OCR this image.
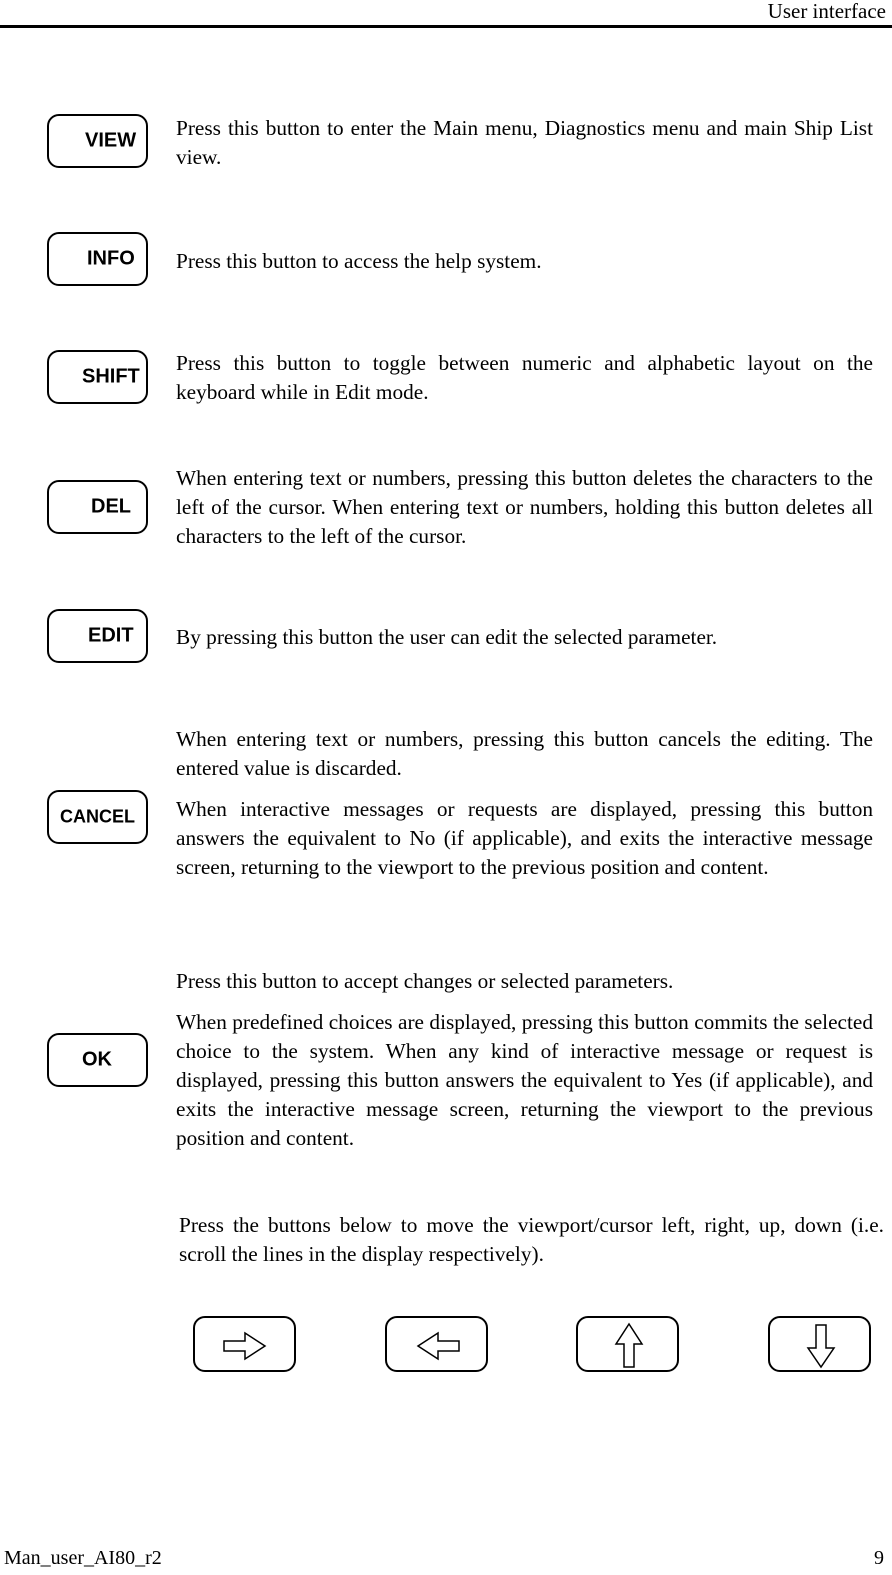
User interface
VIEW

Press this button to enter the Main menu, Diagnostics menu and main Ship List view.

INFO Press this button to access the help system.

SHIFT

Press this button to toggle between numeric and alphabetic layout on the keyboard while in Edit mode.

DEL

When entering text or numbers, pressing this button deletes the characters to the left of the cursor. When entering text or numbers, holding this button deletes all characters to the left of the cursor.

EDIT By pressing this button the user can edit the selected parameter.

CANCEL

When entering text or numbers, pressing this button cancels the editing. The entered value is discarded.

When interactive messages or requests are displayed, pressing this button answers the equivalent to No (if applicable), and exits the interactive message screen, returning to the viewport to the previous position and content.

OK

Press this button to accept changes or selected parameters.

When predefined choices are displayed, pressing this button commits the selected choice to the system. When any kind of interactive message or request is displayed, pressing this button answers the equivalent to Yes (if applicable), and exits the interactive message screen, returning the viewport to the previous position and content.

Press the buttons below to move the viewport/cursor left, right, up, down (i.e. scroll the lines in the display respectively).

Man_user_AI80_r2	9
